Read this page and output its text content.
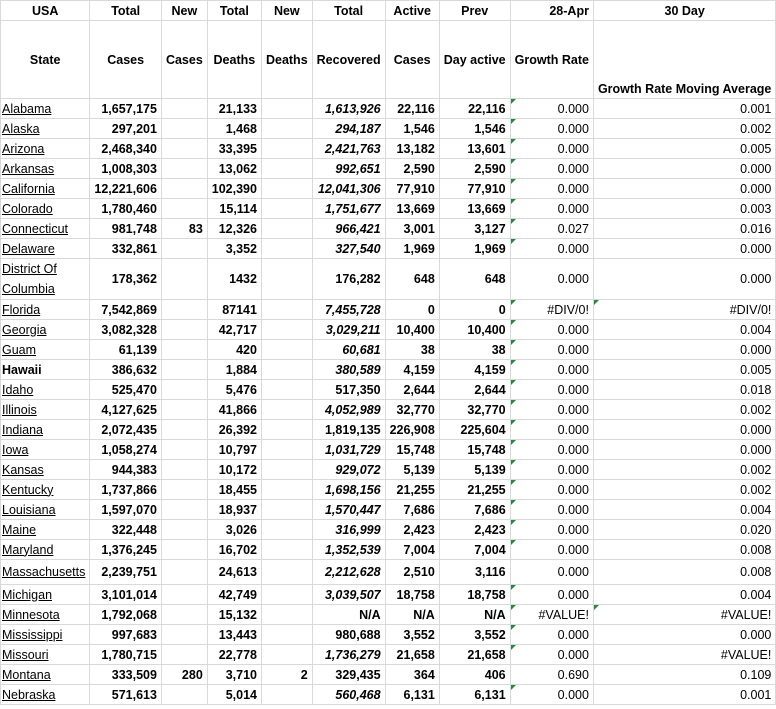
USA	Total	New	Total	New	Total	Active	Prev	28-Apr	30 Day
State	Cases	Cases	Deaths	Deaths	Recovered	Cases	Day active	Growth Rate	Growth Rate Moving Average
Alabama	1,657,175		21,133		1,613,926	22,116	22,116	0.000	0.001
Alaska	297,201		1,468		294,187	1,546	1,546	0.000	0.002
Arizona	2,468,340		33,395		2,421,763	13,182	13,601	0.000	0.005
Arkansas	1,008,303		13,062		992,651	2,590	2,590	0.000	0.000
California	12,221,606		102,390		12,041,306	77,910	77,910	0.000	0.000
Colorado	1,780,460		15,114		1,751,677	13,669	13,669	0.000	0.003
Connecticut	981,748	83	12,326		966,421	3,001	3,127	0.027	0.016
Delaware	332,861		3,352		327,540	1,969	1,969	0.000	0.000
District Of Columbia	178,362		1432		176,282	648	648	0.000	0.000
Florida	7,542,869		87141		7,455,728	0	0	#DIV/0!	#DIV/0!
Georgia	3,082,328		42,717		3,029,211	10,400	10,400	0.000	0.004
Guam	61,139		420		60,681	38	38	0.000	0.000
Hawaii	386,632		1,884		380,589	4,159	4,159	0.000	0.005
Idaho	525,470		5,476		517,350	2,644	2,644	0.000	0.018
Illinois	4,127,625		41,866		4,052,989	32,770	32,770	0.000	0.002
Indiana	2,072,435		26,392		1,819,135	226,908	225,604	0.000	0.000
Iowa	1,058,274		10,797		1,031,729	15,748	15,748	0.000	0.000
Kansas	944,383		10,172		929,072	5,139	5,139	0.000	0.002
Kentucky	1,737,866		18,455		1,698,156	21,255	21,255	0.000	0.002
Louisiana	1,597,070		18,937		1,570,447	7,686	7,686	0.000	0.004
Maine	322,448		3,026		316,999	2,423	2,423	0.000	0.020
Maryland	1,376,245		16,702		1,352,539	7,004	7,004	0.000	0.008
Massachusetts	2,239,751		24,613		2,212,628	2,510	3,116	0.000	0.008
Michigan	3,101,014		42,749		3,039,507	18,758	18,758	0.000	0.004
Minnesota	1,792,068		15,132		N/A	N/A	N/A	#VALUE!	#VALUE!
Mississippi	997,683		13,443		980,688	3,552	3,552	0.000	0.000
Missouri	1,780,715		22,778		1,736,279	21,658	21,658	0.000	#VALUE!
Montana	333,509	280	3,710	2	329,435	364	406	0.690	0.109
Nebraska	571,613		5,014		560,468	6,131	6,131	0.000	0.001
